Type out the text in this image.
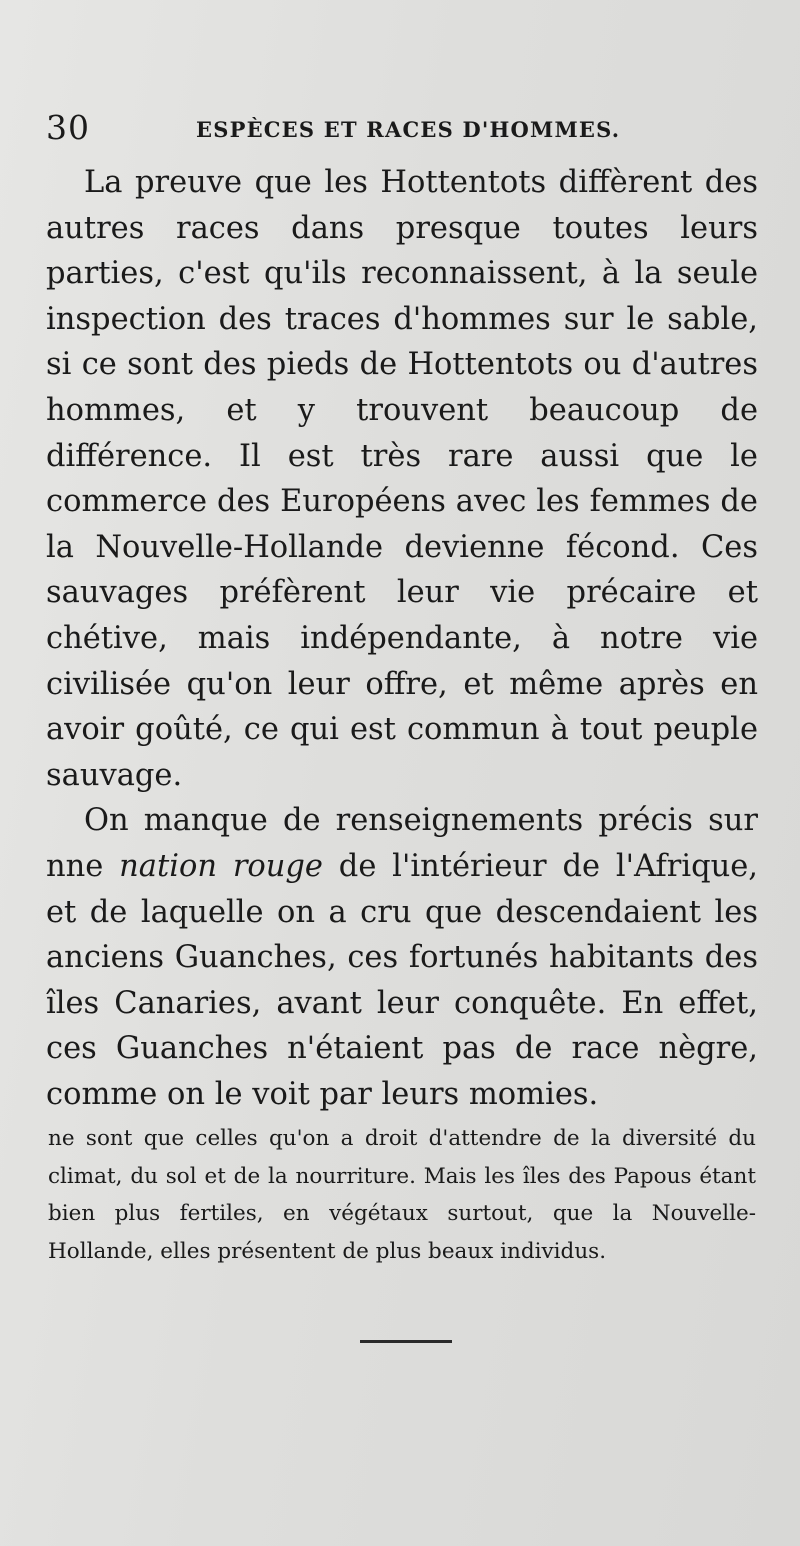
30	ESPÈCES ET RACES D'HOMMES.

La preuve que les Hottentots diffèrent des autres races dans presque toutes leurs parties, c'est qu'ils reconnaissent, à la seule inspection des traces d'hommes sur le sable, si ce sont des pieds de Hottentots ou d'autres hommes, et y trouvent beaucoup de différence. Il est très rare aussi que le commerce des Européens avec les femmes de la Nouvelle-Hollande devienne fécond. Ces sauvages préfèrent leur vie précaire et chétive, mais indépendante, à notre vie civilisée qu'on leur offre, et même après en avoir goûté, ce qui est commun à tout peuple sauvage.

On manque de renseignements précis sur nne nation rouge de l'intérieur de l'Afrique, et de laquelle on a cru que descendaient les anciens Guanches, ces fortunés habitants des îles Canaries, avant leur conquête. En effet, ces Guanches n'étaient pas de race nègre, comme on le voit par leurs momies.

ne sont que celles qu'on a droit d'attendre de la diversité du climat, du sol et de la nourriture. Mais les îles des Papous étant bien plus fertiles, en végétaux surtout, que la Nouvelle-Hollande, elles présentent de plus beaux individus.
